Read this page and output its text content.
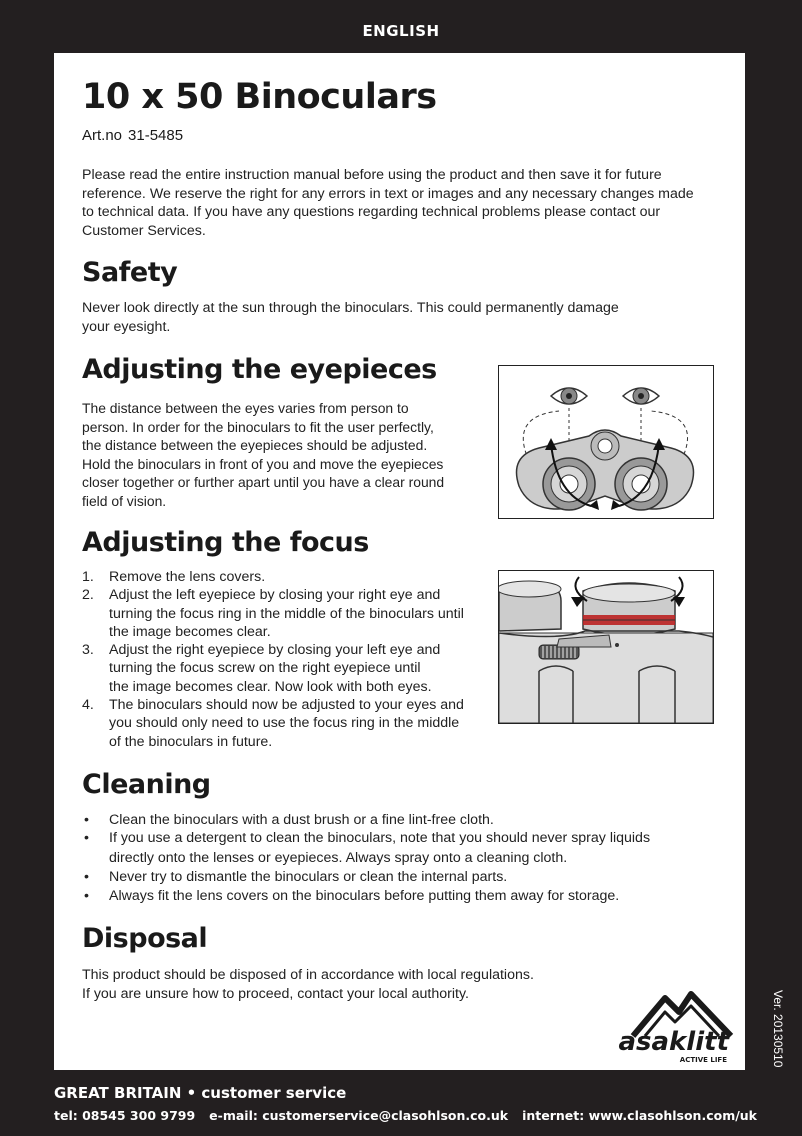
ENGLISH
10 x 50 Binoculars
Art.no 31-5485

Please read the entire instruction manual before using the product and then save it for future
reference. We reserve the right for any errors in text or images and any necessary changes made
to technical data. If you have any questions regarding technical problems please contact our
Customer Services.

Safety

Never look directly at the sun through the binoculars. This could permanently damage
your eyesight.

Adjusting the eyepieces

The distance between the eyes varies from person to
person. In order for the binoculars to fit the user perfectly,
the distance between the eyepieces should be adjusted.
Hold the binoculars in front of you and move the eyepieces
closer together or further apart until you have a clear round
field of vision.

Adjusting the focus
1. Remove the lens covers.
2. Adjust the left eyepiece by closing your right eye and
turning the focus ring in the middle of the binoculars until
the image becomes clear.
3. Adjust the right eyepiece by closing your left eye and
turning the focus screw on the right eyepiece until
the image becomes clear. Now look with both eyes.
4. The binoculars should now be adjusted to your eyes and
you should only need to use the focus ring in the middle
of the binoculars in future.
Cleaning
• Clean the binoculars with a dust brush or a fine lint-free cloth.
• If you use a detergent to clean the binoculars, note that you should never spray liquids
directly onto the lenses or eyepieces. Always spray onto a cleaning cloth.
• Never try to dismantle the binoculars or clean the internal parts.
• Always fit the lens covers on the binoculars before putting them away for storage.
Disposal

This product should be disposed of in accordance with local regulations.
If you are unsure how to proceed, contact your local authority.

asaklitt
ACTIVE LIFE	Ver. 20130510
GREAT BRITAIN • customer service
tel: 08545 300 9799 e-mail: customerservice@clasohlson.co.uk internet: www.clasohlson.com/uk
